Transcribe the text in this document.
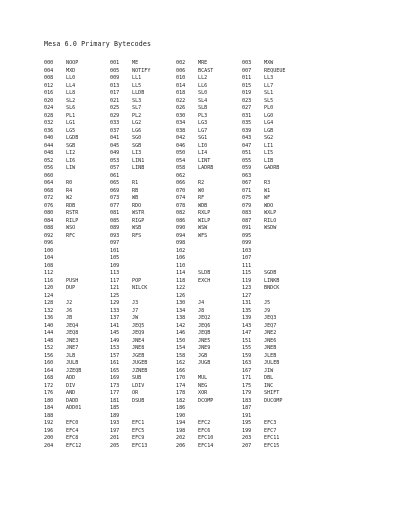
Mesa 6.0 Primary Bytecodes
000	NOOP	001	ME	002	MRE	003	MXW
004	MXD	005	NOTIFY	006	BCAST	007	REQUEUE
008	LL0	009	LL1	010	LL2	011	LL3
012	LL4	013	LL5	014	LL6	015	LL7
016	LL8	017	LLDB	018	SL0	019	SL1
020	SL2	021	SL3	022	SL4	023	SL5
024	SL6	025	SL7	026	SLB	027	PL0
028	PL1	029	PL2	030	PL3	031	LG0
032	LG1	033	LG2	034	LG3	035	LG4
036	LG5	037	LG6	038	LG7	039	LGB
040	LGDB	041	SG0	042	SG1	043	SG2
044	SGB	045	SGB	046	LI0	047	LI1
048	LI2	049	LI3	050	LI4	051	LI5
052	LI6	053	LIN1	054	LINT	055	LIB
056	LIW	057	LINB	058	LADRB	059	GADRB
060	061	062	063
064	R0	065	R1	066	R2	067	R3
068	R4	069	RB	070	W0	071	W1
072	W2	073	WB	074	RF	075	WF
076	RDB	077	RDO	078	WDB	079	WDO
080	RSTR	081	WSTR	082	RXLP	083	WXLP
084	RILP	085	RIGP	086	WILP	087	RILO
088	WSO	089	WSB	090	WSW	091	WSDW
092	RFC	093	RFS	094	WFS	095
096	097	098	099
100	101	102	103
104	105	106	107
108	109	110	111
112	113	114	SLDB	115	SGDB
116	PUSH	117	POP	118	EXCH	119	LINKB
120	DUP	121	NILCK	122	123	BNDCK
124	125	126	127
128	J2	129	J3	130	J4	131	J5
132	J6	133	J7	134	J8	135	J9
136	JB	137	JW	138	JEQ2	139	JEQ3
140	JEQ4	141	JEQ5	142	JEQ6	143	JEQ7
144	JEQ8	145	JEQ9	146	JEQB	147	JNE2
148	JNE3	149	JNE4	150	JNE5	151	JNE6
152	JNE7	153	JNE8	154	JNE9	155	JNEB
156	JLB	157	JGEB	158	JGB	159	JLEB
160	JULB	161	JUGEB	162	JUGB	163	JULEB
164	JZEQB	165	JZNEB	166	167	JIW
168	ADD	169	SUB	170	MUL	171	DBL
172	DIV	173	LDIV	174	NEG	175	INC
176	AND	177	OR	178	XOR	179	SHIFT
180	DADD	181	DSUB	182	DCOMP	183	DUCOMP
184	ADD01	185	186	187
188	189	190	191
192	EFC0	193	EFC1	194	EFC2	195	EFC3
196	EFC4	197	EFC5	198	EFC6	199	EFC7
200	EFC8	201	EFC9	202	EFC10	203	EFC11
204	EFC12	205	EFC13	206	EFC14	207	EFC15
